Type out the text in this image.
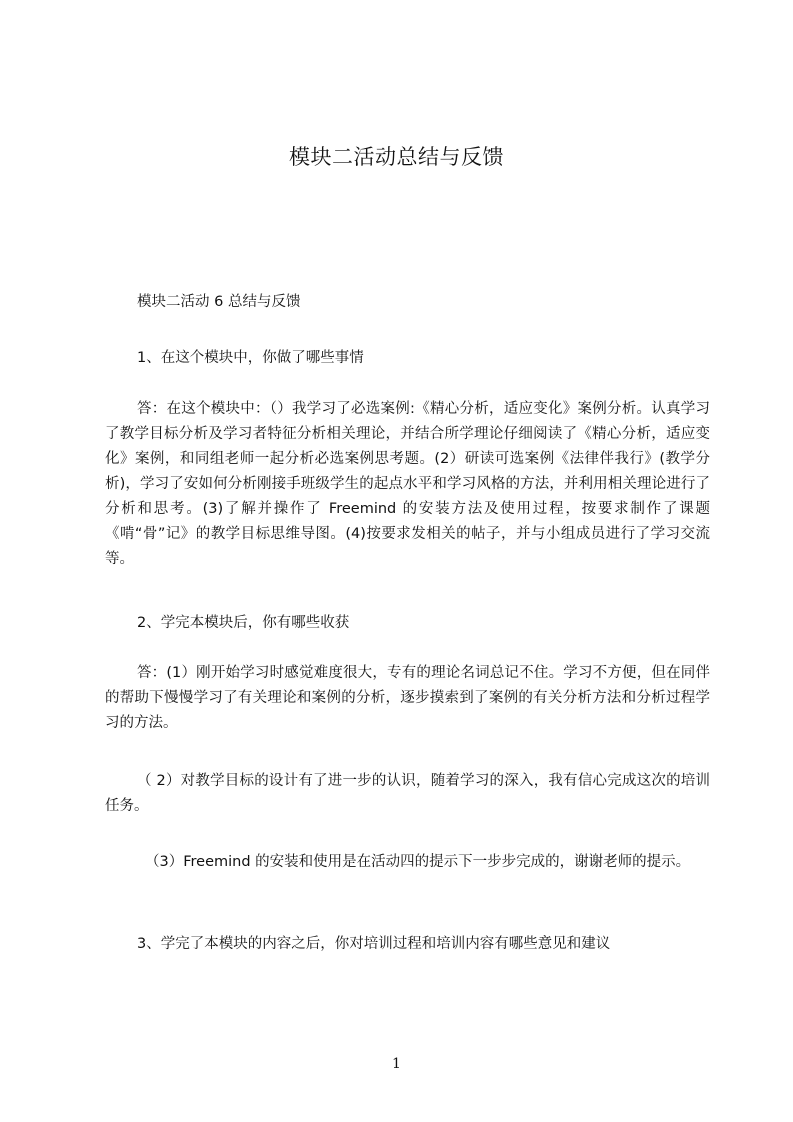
模块二活动总结与反馈
模块二活动 6 总结与反馈
1、在这个模块中，你做了哪些事情
答：在这个模块中：（）我学习了必选案例:《精心分析，适应变化》案例分析。认真学习了教学目标分析及学习者特征分析相关理论，并结合所学理论仔细阅读了《精心分析，适应变化》案例，和同组老师一起分析必选案例思考题。(2）研读可选案例《法律伴我行》(教学分析)，学习了安如何分析刚接手班级学生的起点水平和学习风格的方法，并利用相关理论进行了分析和思考。(3)了解并操作了 Freemind 的安装方法及使用过程，按要求制作了课题《啃“骨”记》的教学目标思维导图。(4)按要求发相关的帖子，并与小组成员进行了学习交流等。
2、学完本模块后，你有哪些收获
答：(1）刚开始学习时感觉难度很大，专有的理论名词总记不住。学习不方便，但在同伴的帮助下慢慢学习了有关理论和案例的分析，逐步摸索到了案例的有关分析方法和分析过程学习的方法。
（ 2）对教学目标的设计有了进一步的认识，随着学习的深入，我有信心完成这次的培训任务。
（3）Freemind 的安装和使用是在活动四的提示下一步步完成的，谢谢老师的提示。
3、学完了本模块的内容之后，你对培训过程和培训内容有哪些意见和建议
1
